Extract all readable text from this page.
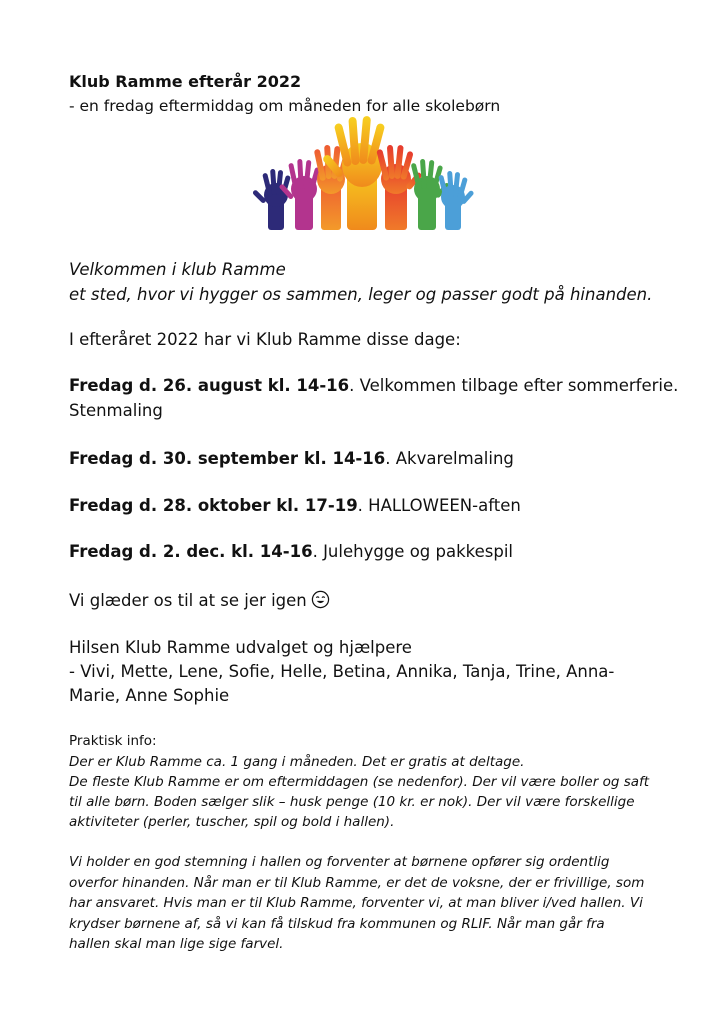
Klub Ramme efterår 2022

- en fredag eftermiddag om måneden for alle skolebørn

Velkommen i klub Ramme

et sted, hvor vi hygger os sammen, leger og passer godt på hinanden.

I efteråret 2022 har vi Klub Ramme disse dage:

Fredag d. 26. august kl. 14-16. Velkommen tilbage efter sommerferie.

Stenmaling

Fredag d. 30. september kl. 14-16. Akvarelmaling

Fredag d. 28. oktober kl. 17-19. HALLOWEEN-aften

Fredag d. 2. dec. kl. 14-16. Julehygge og pakkespil

Vi glæder os til at se jer igen

Hilsen Klub Ramme udvalget og hjælpere

- Vivi, Mette, Lene, Sofie, Helle, Betina, Annika, Tanja, Trine, Anna-

Marie, Anne Sophie

Praktisk info:

Der er Klub Ramme ca. 1 gang i måneden. Det er gratis at deltage.

De fleste Klub Ramme er om eftermiddagen (se nedenfor). Der vil være boller og saft

til alle børn. Boden sælger slik – husk penge (10 kr. er nok). Der vil være forskellige

aktiviteter (perler, tuscher, spil og bold i hallen).

Vi holder en god stemning i hallen og forventer at børnene opfører sig ordentlig

overfor hinanden. Når man er til Klub Ramme, er det de voksne, der er frivillige, som

har ansvaret. Hvis man er til Klub Ramme, forventer vi, at man bliver i/ved hallen. Vi

krydser børnene af, så vi kan få tilskud fra kommunen og RLIF. Når man går fra

hallen skal man lige sige farvel.
